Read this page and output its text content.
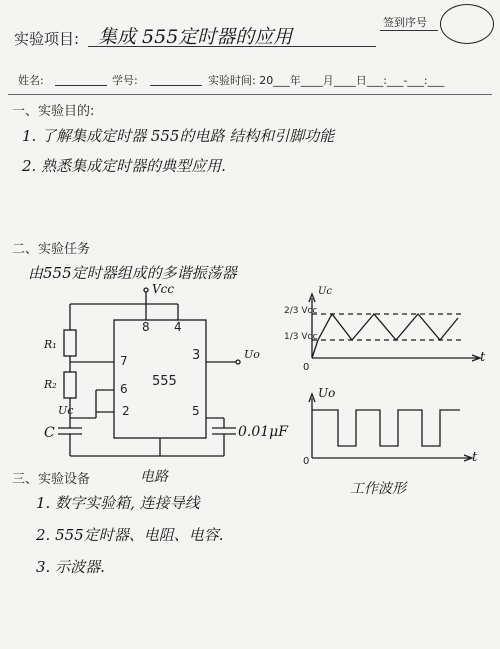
实验项目: 集成 555定时器的应用
签到序号
姓名:	学号:	实验时间: 20___年____月____日___:___-___:___
一、实验目的:
1. 了解集成定时器 555的电路 结构和引脚功能
2. 熟悉集成定时器的典型应用.
二、实验任务
由555定时器组成的多谐振荡器
Vcc
8 4
7
6
2
3
5
555
R₁
R₂
C
Uc
Uo
0.01μF
电路
2/3 Vcc
1/3 Vcc
0
t
Uc
Uo
t
0
工作波形
三、实验设备
1. 数字实验箱, 连接导线
2. 555定时器、电阻、电容.
3. 示波器.
